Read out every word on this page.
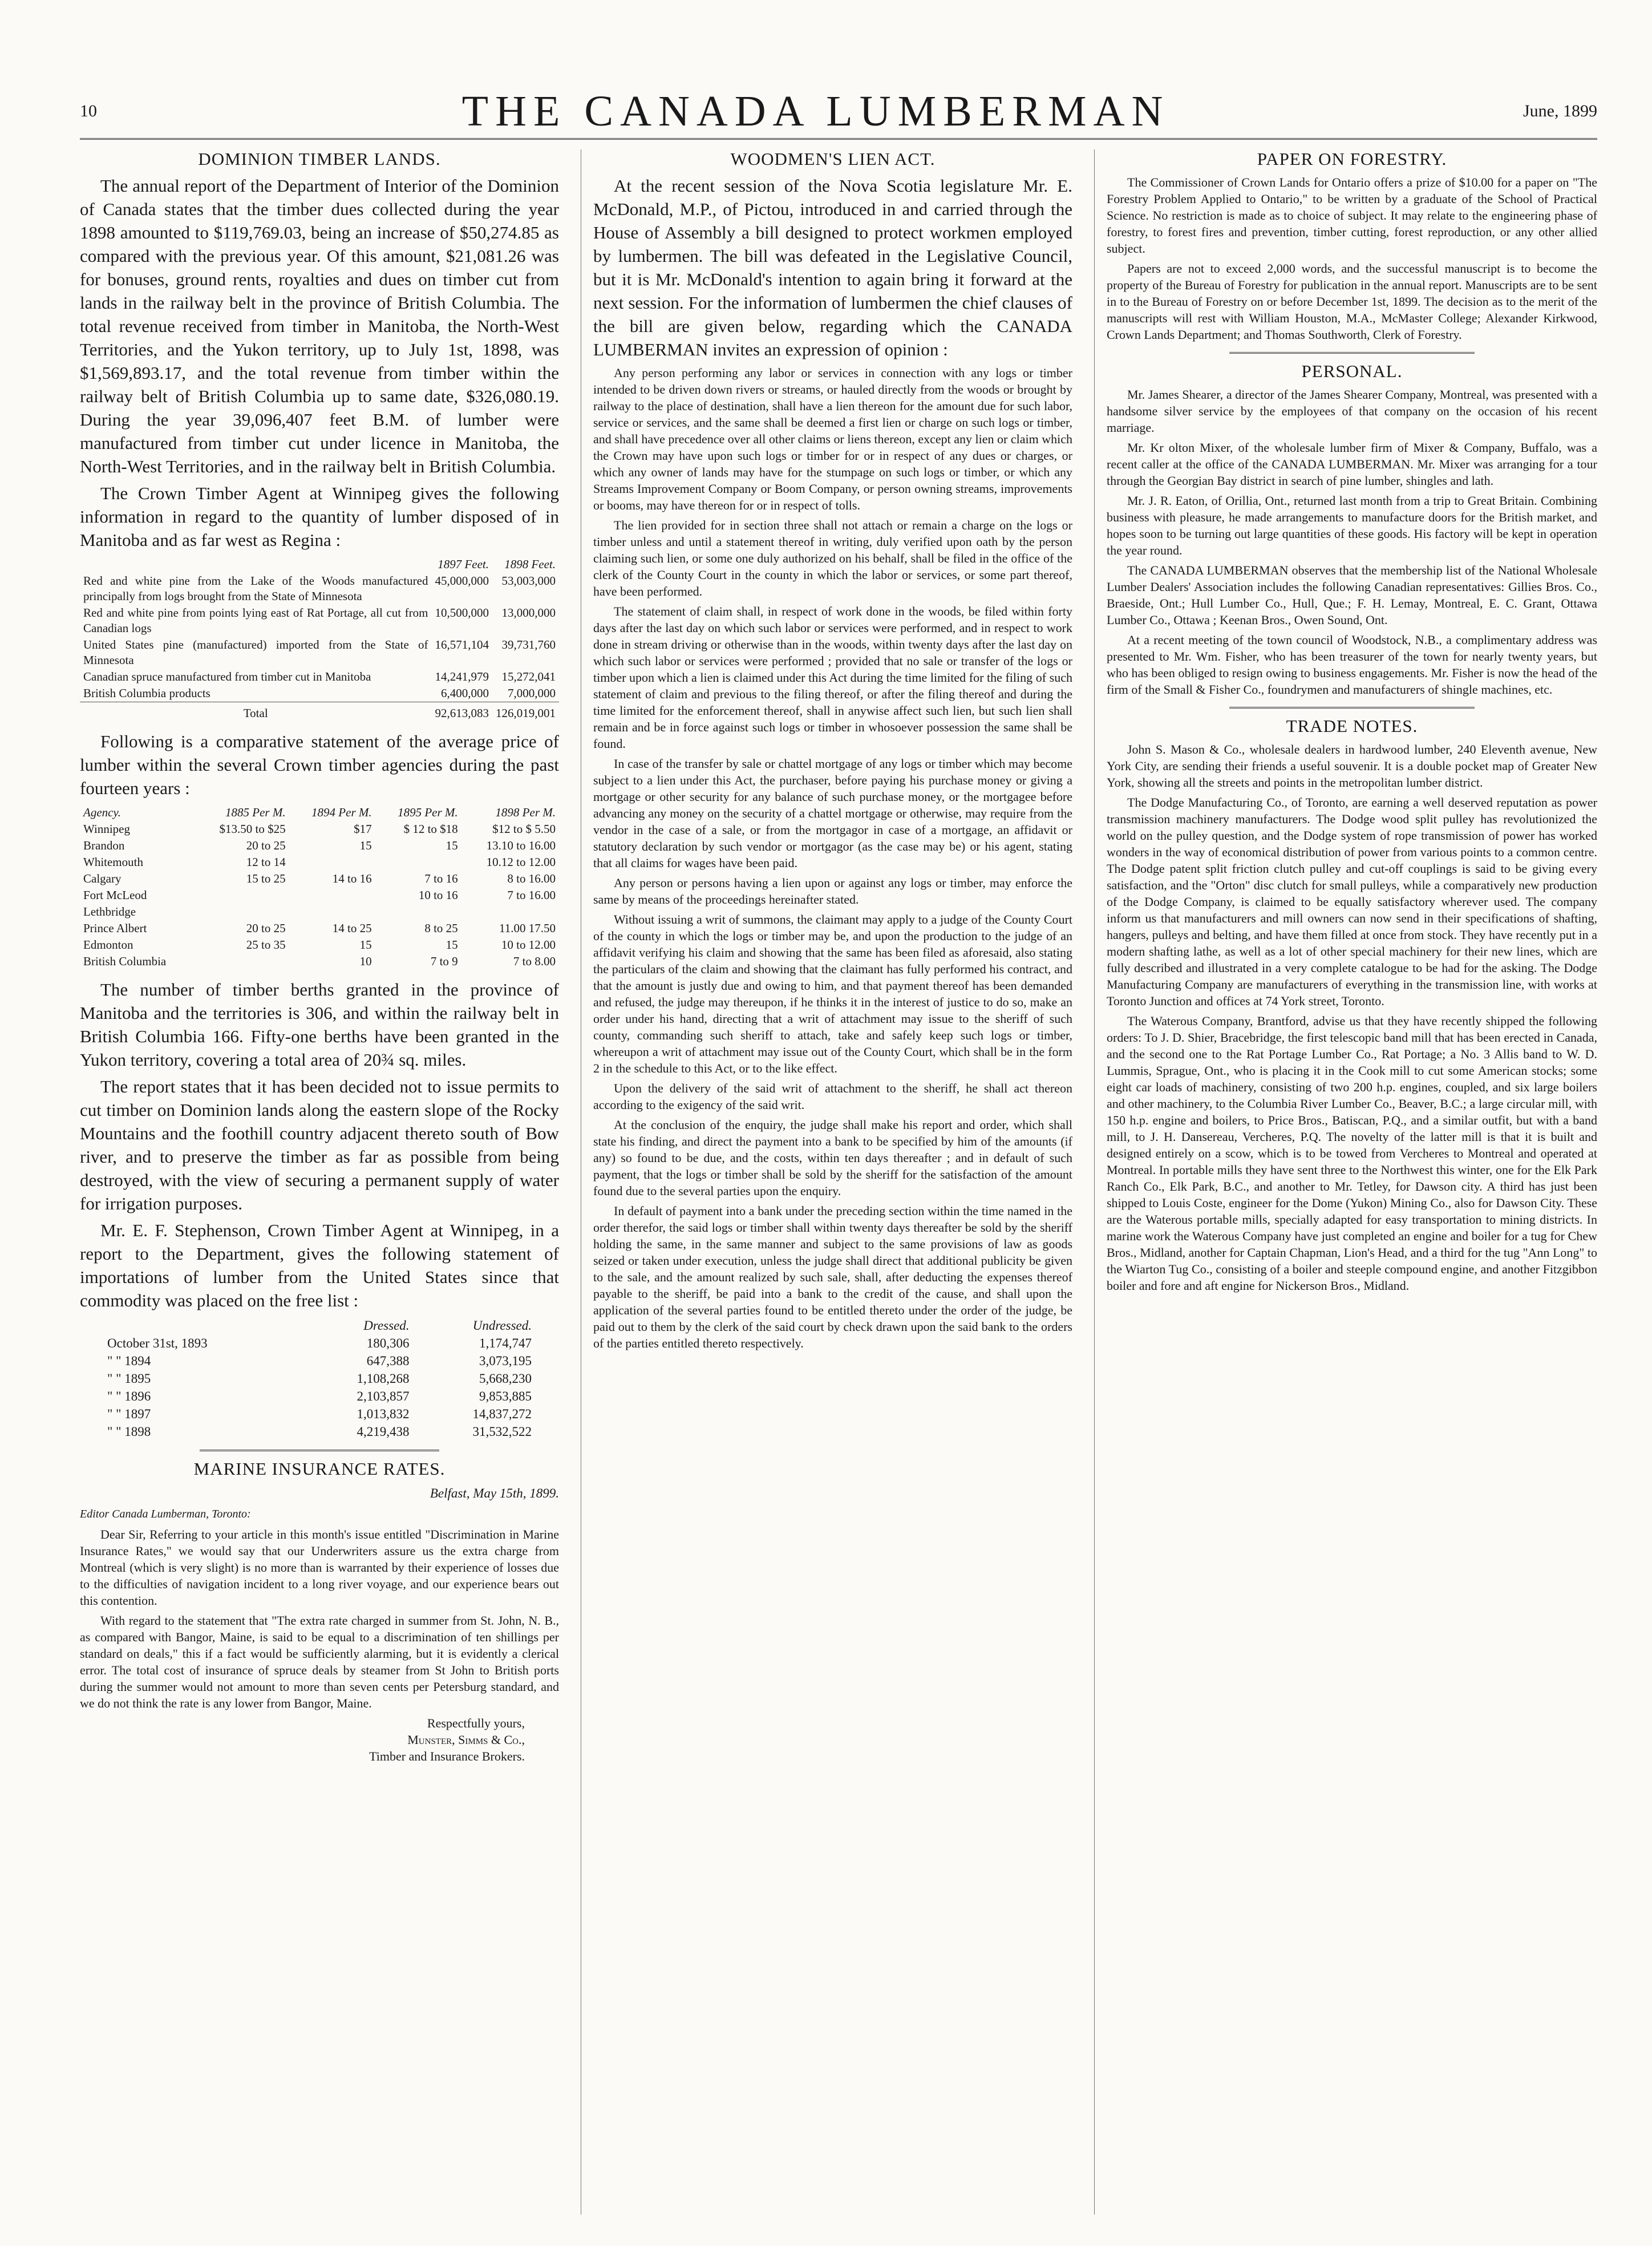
10	THE CANADA LUMBERMAN	June, 1899
DOMINION TIMBER LANDS.

The annual report of the Department of Interior of the Dominion of Canada states that the timber dues collected during the year 1898 amounted to $119,769.03, being an increase of $50,274.85 as compared with the previous year. Of this amount, $21,081.26 was for bonuses, ground rents, royalties and dues on timber cut from lands in the railway belt in the province of British Columbia. The total revenue received from timber in Manitoba, the North-West Territories, and the Yukon territory, up to July 1st, 1898, was $1,569,893.17, and the total revenue from timber within the railway belt of British Columbia up to same date, $326,080.19. During the year 39,096,407 feet B.M. of lumber were manufactured from timber cut under licence in Manitoba, the North-West Territories, and in the railway belt in British Columbia.

The Crown Timber Agent at Winnipeg gives the following information in regard to the quantity of lumber disposed of in Manitoba and as far west as Regina :

	1897 Feet.	1898 Feet.
Red and white pine from the Lake of the Woods manufactured principally from logs brought from the State of Minnesota	45,000,000	53,003,000
Red and white pine from points lying east of Rat Portage, all cut from Canadian logs	10,500,000	13,000,000
United States pine (manufactured) imported from the State of Minnesota	16,571,104	39,731,760
Canadian spruce manufactured from timber cut in Manitoba	14,241,979	15,272,041
British Columbia products	6,400,000	7,000,000
Total	92,613,083	126,019,001

Following is a comparative statement of the average price of lumber within the several Crown timber agencies during the past fourteen years :

Agency.	1885 Per M.	1894 Per M.	1895 Per M.	1898 Per M.
Winnipeg	$13.50 to $25	$17	$ 12 to $18	$12 to $ 5.50
Brandon	20 to 25	15	15	13.10 to 16.00
Whitemouth	12 to 14			10.12 to 12.00
Calgary	15 to 25	14 to 16	7 to 16	8 to 16.00
Fort McLeod			10 to 16	7 to 16.00
Lethbridge				
Prince Albert	20 to 25	14 to 25	8 to 25	11.00 17.50
Edmonton	25 to 35	15	15	10 to 12.00
British Columbia		10	7 to 9	7 to 8.00

The number of timber berths granted in the province of Manitoba and the territories is 306, and within the railway belt in British Columbia 166. Fifty-one berths have been granted in the Yukon territory, covering a total area of 20¾ sq. miles.

The report states that it has been decided not to issue permits to cut timber on Dominion lands along the eastern slope of the Rocky Mountains and the foothill country adjacent thereto south of Bow river, and to preserve the timber as far as possible from being destroyed, with the view of securing a permanent supply of water for irrigation purposes.

Mr. E. F. Stephenson, Crown Timber Agent at Winnipeg, in a report to the Department, gives the following statement of importations of lumber from the United States since that commodity was placed on the free list :

	Dressed.	Undressed.
October 31st, 1893	180,306	1,174,747
" " 1894	647,388	3,073,195
" " 1895	1,108,268	5,668,230
" " 1896	2,103,857	9,853,885
" " 1897	1,013,832	14,837,272
" " 1898	4,219,438	31,532,522
MARINE INSURANCE RATES.
Belfast, May 15th, 1899.
Editor Canada Lumberman, Toronto:

Dear Sir, Referring to your article in this month's issue entitled "Discrimination in Marine Insurance Rates," we would say that our Underwriters assure us the extra charge from Montreal (which is very slight) is no more than is warranted by their experience of losses due to the difficulties of navigation incident to a long river voyage, and our experience bears out this contention.

With regard to the statement that "The extra rate charged in summer from St. John, N. B., as compared with Bangor, Maine, is said to be equal to a discrimination of ten shillings per standard on deals," this if a fact would be sufficiently alarming, but it is evidently a clerical error. The total cost of insurance of spruce deals by steamer from St John to British ports during the summer would not amount to more than seven cents per Petersburg standard, and we do not think the rate is any lower from Bangor, Maine.

Respectfully yours,
Munster, Simms & Co.,
Timber and Insurance Brokers.
WOODMEN'S LIEN ACT.

At the recent session of the Nova Scotia legislature Mr. E. McDonald, M.P., of Pictou, introduced in and carried through the House of Assembly a bill designed to protect workmen employed by lumbermen. The bill was defeated in the Legislative Council, but it is Mr. McDonald's intention to again bring it forward at the next session. For the information of lumbermen the chief clauses of the bill are given below, regarding which the CANADA LUMBERMAN invites an expression of opinion :

Any person performing any labor or services in connection with any logs or timber intended to be driven down rivers or streams, or hauled directly from the woods or brought by railway to the place of destination, shall have a lien thereon for the amount due for such labor, service or services, and the same shall be deemed a first lien or charge on such logs or timber, and shall have precedence over all other claims or liens thereon, except any lien or claim which the Crown may have upon such logs or timber for or in respect of any dues or charges, or which any owner of lands may have for the stumpage on such logs or timber, or which any Streams Improvement Company or Boom Company, or person owning streams, improvements or booms, may have thereon for or in respect of tolls.

The lien provided for in section three shall not attach or remain a charge on the logs or timber unless and until a statement thereof in writing, duly verified upon oath by the person claiming such lien, or some one duly authorized on his behalf, shall be filed in the office of the clerk of the County Court in the county in which the labor or services, or some part thereof, have been performed.

The statement of claim shall, in respect of work done in the woods, be filed within forty days after the last day on which such labor or services were performed, and in respect to work done in stream driving or otherwise than in the woods, within twenty days after the last day on which such labor or services were performed ; provided that no sale or transfer of the logs or timber upon which a lien is claimed under this Act during the time limited for the filing of such statement of claim and previous to the filing thereof, or after the filing thereof and during the time limited for the enforcement thereof, shall in anywise affect such lien, but such lien shall remain and be in force against such logs or timber in whosoever possession the same shall be found.

In case of the transfer by sale or chattel mortgage of any logs or timber which may become subject to a lien under this Act, the purchaser, before paying his purchase money or giving a mortgage or other security for any balance of such purchase money, or the mortgagee before advancing any money on the security of a chattel mortgage or otherwise, may require from the vendor in the case of a sale, or from the mortgagor in case of a mortgage, an affidavit or statutory declaration by such vendor or mortgagor (as the case may be) or his agent, stating that all claims for wages have been paid.

Any person or persons having a lien upon or against any logs or timber, may enforce the same by means of the proceedings hereinafter stated.

Without issuing a writ of summons, the claimant may apply to a judge of the County Court of the county in which the logs or timber may be, and upon the production to the judge of an affidavit verifying his claim and showing that the same has been filed as aforesaid, also stating the particulars of the claim and showing that the claimant has fully performed his contract, and that the amount is justly due and owing to him, and that payment thereof has been demanded and refused, the judge may thereupon, if he thinks it in the interest of justice to do so, make an order under his hand, directing that a writ of attachment may issue to the sheriff of such county, commanding such sheriff to attach, take and safely keep such logs or timber, whereupon a writ of attachment may issue out of the County Court, which shall be in the form 2 in the schedule to this Act, or to the like effect.

Upon the delivery of the said writ of attachment to the sheriff, he shall act thereon according to the exigency of the said writ.

At the conclusion of the enquiry, the judge shall make his report and order, which shall state his finding, and direct the payment into a bank to be specified by him of the amounts (if any) so found to be due, and the costs, within ten days thereafter ; and in default of such payment, that the logs or timber shall be sold by the sheriff for the satisfaction of the amount found due to the several parties upon the enquiry.

In default of payment into a bank under the preceding section within the time named in the order therefor, the said logs or timber shall within twenty days thereafter be sold by the sheriff holding the same, in the same manner and subject to the same provisions of law as goods seized or taken under execution, unless the judge shall direct that additional publicity be given to the sale, and the amount realized by such sale, shall, after deducting the expenses thereof payable to the sheriff, be paid into a bank to the credit of the cause, and shall upon the application of the several parties found to be entitled thereto under the order of the judge, be paid out to them by the clerk of the said court by check drawn upon the said bank to the orders of the parties entitled thereto respectively.

PAPER ON FORESTRY.

The Commissioner of Crown Lands for Ontario offers a prize of $10.00 for a paper on "The Forestry Problem Applied to Ontario," to be written by a graduate of the School of Practical Science. No restriction is made as to choice of subject. It may relate to the engineering phase of forestry, to forest fires and prevention, timber cutting, forest reproduction, or any other allied subject.

Papers are not to exceed 2,000 words, and the successful manuscript is to become the property of the Bureau of Forestry for publication in the annual report. Manuscripts are to be sent in to the Bureau of Forestry on or before December 1st, 1899. The decision as to the merit of the manuscripts will rest with William Houston, M.A., McMaster College; Alexander Kirkwood, Crown Lands Department; and Thomas Southworth, Clerk of Forestry.

PERSONAL.

Mr. James Shearer, a director of the James Shearer Company, Montreal, was presented with a handsome silver service by the employees of that company on the occasion of his recent marriage.

Mr. Kr olton Mixer, of the wholesale lumber firm of Mixer & Company, Buffalo, was a recent caller at the office of the CANADA LUMBERMAN. Mr. Mixer was arranging for a tour through the Georgian Bay district in search of pine lumber, shingles and lath.

Mr. J. R. Eaton, of Orillia, Ont., returned last month from a trip to Great Britain. Combining business with pleasure, he made arrangements to manufacture doors for the British market, and hopes soon to be turning out large quantities of these goods. His factory will be kept in operation the year round.

The CANADA LUMBERMAN observes that the membership list of the National Wholesale Lumber Dealers' Association includes the following Canadian representatives: Gillies Bros. Co., Braeside, Ont.; Hull Lumber Co., Hull, Que.; F. H. Lemay, Montreal, E. C. Grant, Ottawa Lumber Co., Ottawa ; Keenan Bros., Owen Sound, Ont.

At a recent meeting of the town council of Woodstock, N.B., a complimentary address was presented to Mr. Wm. Fisher, who has been treasurer of the town for nearly twenty years, but who has been obliged to resign owing to business engagements. Mr. Fisher is now the head of the firm of the Small & Fisher Co., foundrymen and manufacturers of shingle machines, etc.

TRADE NOTES.

John S. Mason & Co., wholesale dealers in hardwood lumber, 240 Eleventh avenue, New York City, are sending their friends a useful souvenir. It is a double pocket map of Greater New York, showing all the streets and points in the metropolitan lumber district.

The Dodge Manufacturing Co., of Toronto, are earning a well deserved reputation as power transmission machinery manufacturers. The Dodge wood split pulley has revolutionized the world on the pulley question, and the Dodge system of rope transmission of power has worked wonders in the way of economical distribution of power from various points to a common centre. The Dodge patent split friction clutch pulley and cut-off couplings is said to be giving every satisfaction, and the "Orton" disc clutch for small pulleys, while a comparatively new production of the Dodge Company, is claimed to be equally satisfactory wherever used. The company inform us that manufacturers and mill owners can now send in their specifications of shafting, hangers, pulleys and belting, and have them filled at once from stock. They have recently put in a modern shafting lathe, as well as a lot of other special machinery for their new lines, which are fully described and illustrated in a very complete catalogue to be had for the asking. The Dodge Manufacturing Company are manufacturers of everything in the transmission line, with works at Toronto Junction and offices at 74 York street, Toronto.

The Waterous Company, Brantford, advise us that they have recently shipped the following orders: To J. D. Shier, Bracebridge, the first telescopic band mill that has been erected in Canada, and the second one to the Rat Portage Lumber Co., Rat Portage; a No. 3 Allis band to W. D. Lummis, Sprague, Ont., who is placing it in the Cook mill to cut some American stocks; some eight car loads of machinery, consisting of two 200 h.p. engines, coupled, and six large boilers and other machinery, to the Columbia River Lumber Co., Beaver, B.C.; a large circular mill, with 150 h.p. engine and boilers, to Price Bros., Batiscan, P.Q., and a similar outfit, but with a band mill, to J. H. Dansereau, Vercheres, P.Q. The novelty of the latter mill is that it is built and designed entirely on a scow, which is to be towed from Vercheres to Montreal and operated at Montreal. In portable mills they have sent three to the Northwest this winter, one for the Elk Park Ranch Co., Elk Park, B.C., and another to Mr. Tetley, for Dawson city. A third has just been shipped to Louis Coste, engineer for the Dome (Yukon) Mining Co., also for Dawson City. These are the Waterous portable mills, specially adapted for easy transportation to mining districts. In marine work the Waterous Company have just completed an engine and boiler for a tug for Chew Bros., Midland, another for Captain Chapman, Lion's Head, and a third for the tug "Ann Long" to the Wiarton Tug Co., consisting of a boiler and steeple compound engine, and another Fitzgibbon boiler and fore and aft engine for Nickerson Bros., Midland.
